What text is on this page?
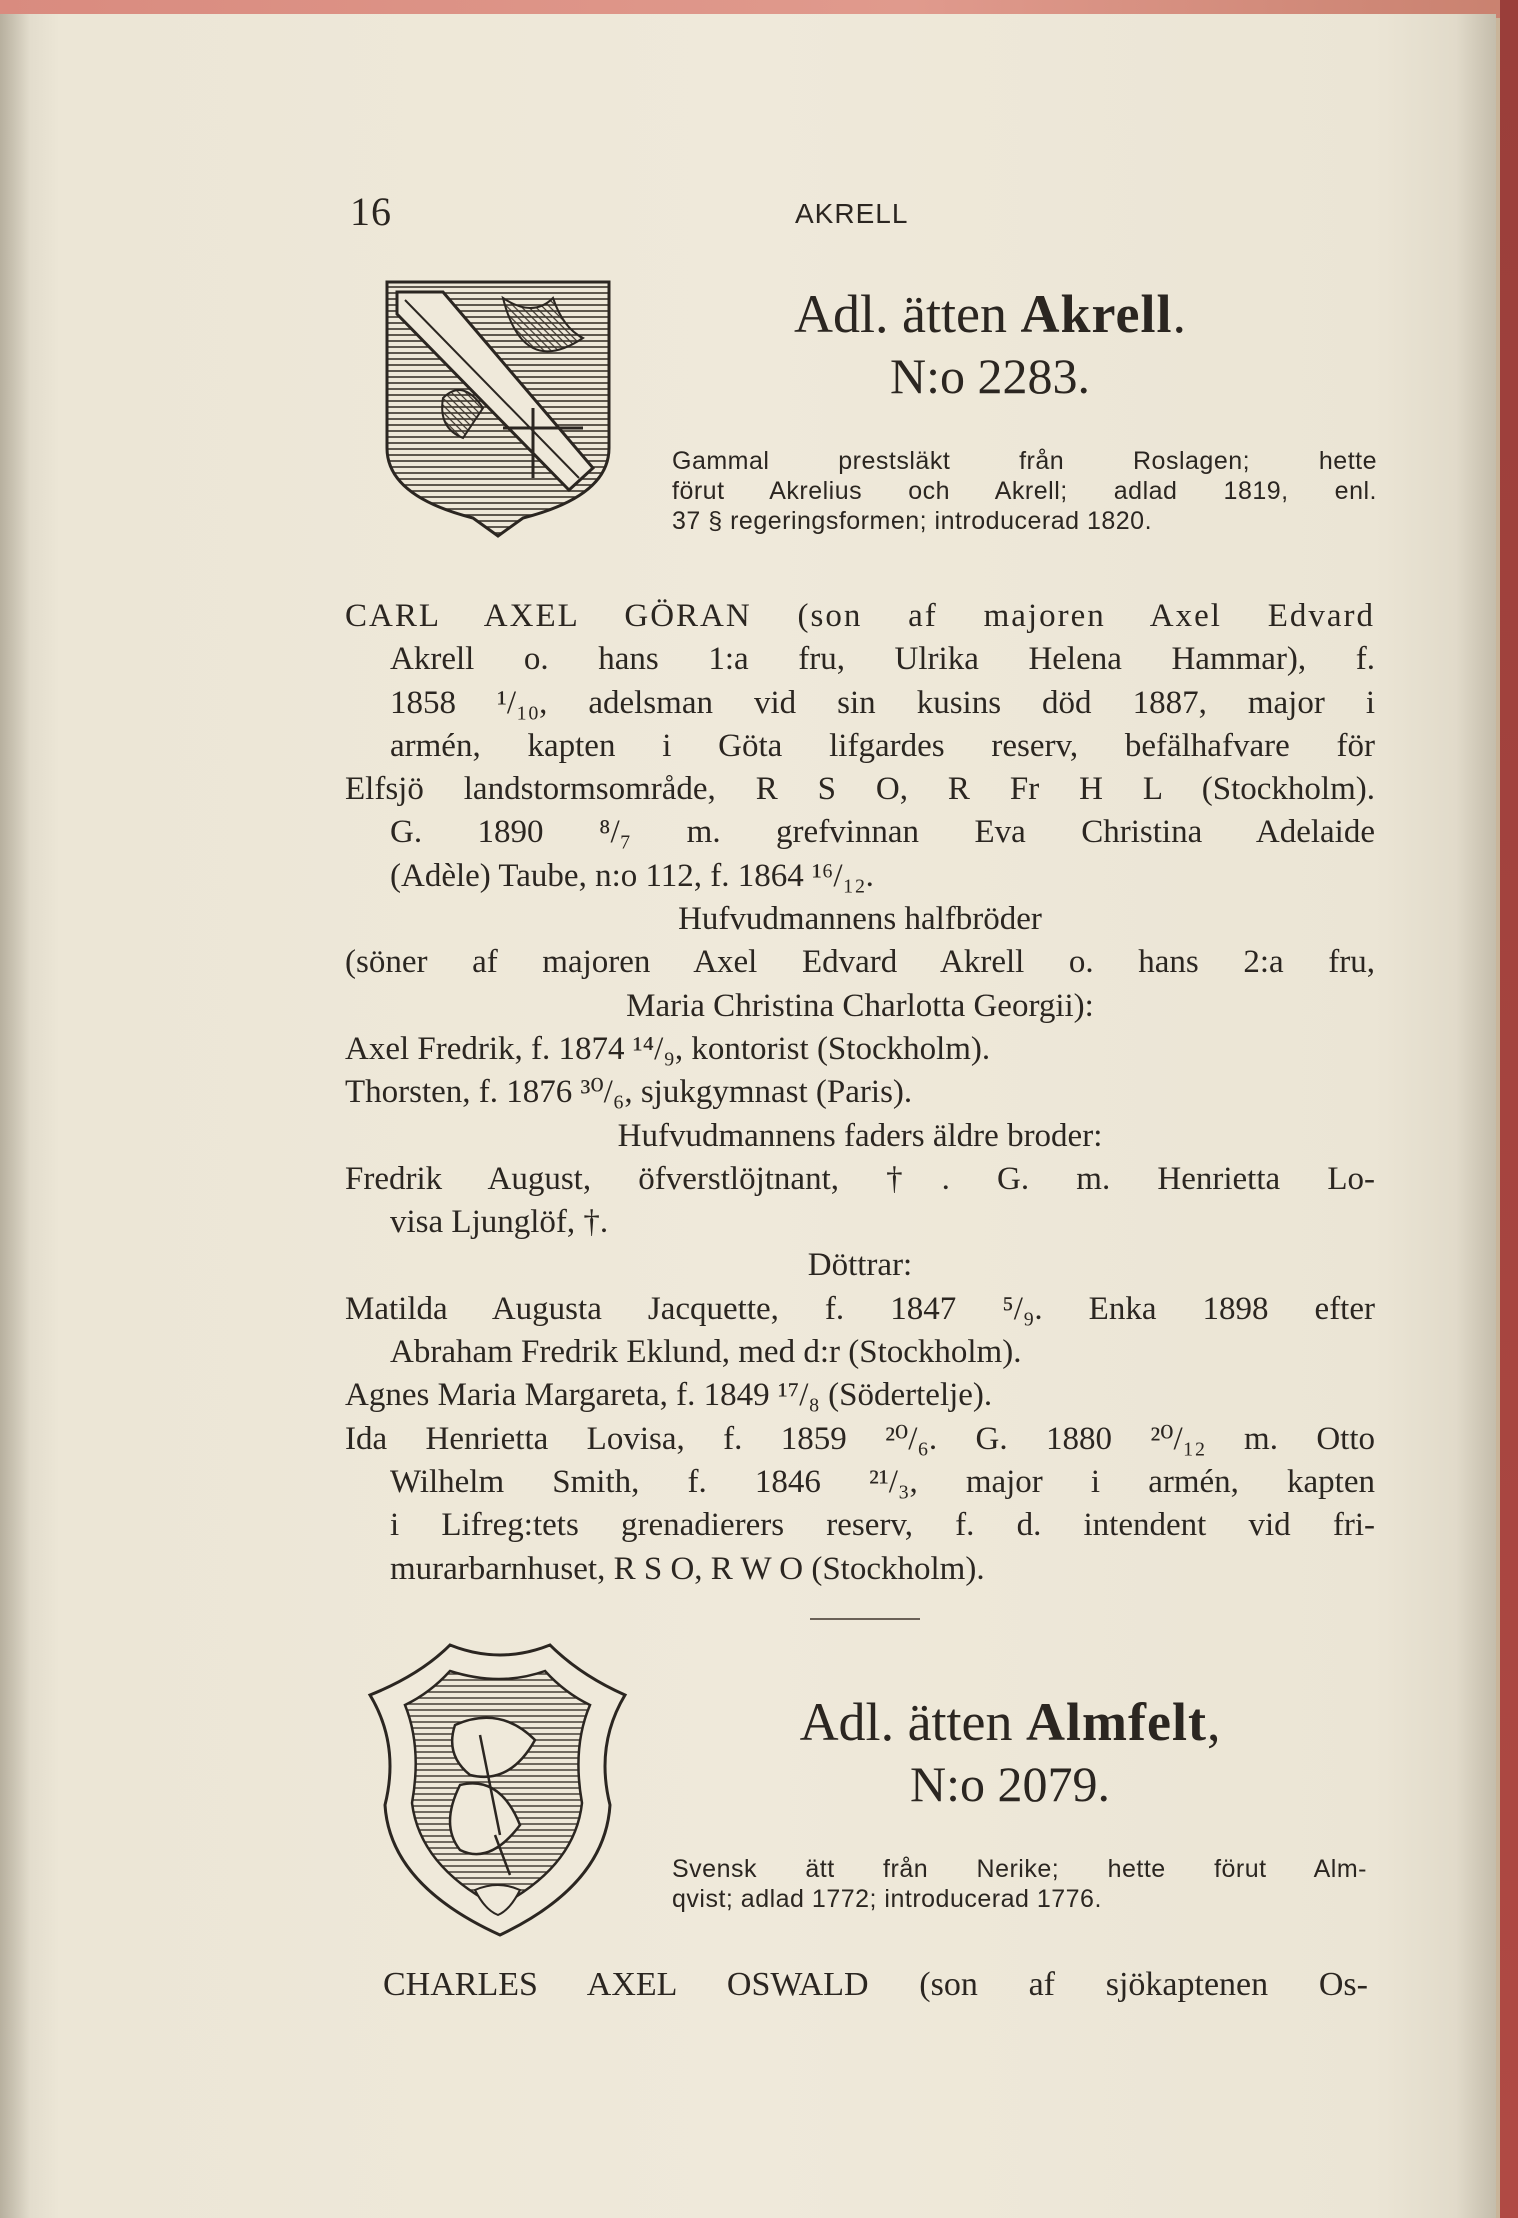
16	AKRELL
Adl. ätten Akrell.
N:o 2283.
Gammal prestsläkt från Roslagen; hette
förut Akrelius och Akrell; adlad 1819, enl.
37 § regeringsformen; introducerad 1820.
CARL AXEL GÖRAN (son af majoren Axel Edvard
Akrell o. hans 1:a fru, Ulrika Helena Hammar), f.
1858 ¹/₁₀, adelsman vid sin kusins död 1887, major i
armén, kapten i Göta lifgardes reserv, befälhafvare för
Elfsjö landstormsområde, R S O, R Fr H L (Stockholm).
G. 1890 ⁸/₇ m. grefvinnan Eva Christina Adelaide
(Adèle) Taube, n:o 112, f. 1864 ¹⁶/₁₂.
Hufvudmannens halfbröder
(söner af majoren Axel Edvard Akrell o. hans 2:a fru,
Maria Christina Charlotta Georgii):
Axel Fredrik, f. 1874 ¹⁴/₉, kontorist (Stockholm).
Thorsten, f. 1876 ³⁰/₆, sjukgymnast (Paris).
Hufvudmannens faders äldre broder:
Fredrik August, öfverstlöjtnant, †. G. m. Henrietta Lo-
visa Ljunglöf, †.
Döttrar:
Matilda Augusta Jacquette, f. 1847 ⁵/₉. Enka 1898 efter
Abraham Fredrik Eklund, med d:r (Stockholm).
Agnes Maria Margareta, f. 1849 ¹⁷/₈ (Södertelje).
Ida Henrietta Lovisa, f. 1859 ²⁰/₆. G. 1880 ²⁰/₁₂ m. Otto
Wilhelm Smith, f. 1846 ²¹/₃, major i armén, kapten
i Lifreg:tets grenadierers reserv, f. d. intendent vid fri-
murarbarnhuset, R S O, R W O (Stockholm).
Adl. ätten Almfelt,
N:o 2079.
Svensk ätt från Nerike; hette förut Alm-
qvist; adlad 1772; introducerad 1776.
CHARLES AXEL OSWALD (son af sjökaptenen Os-
